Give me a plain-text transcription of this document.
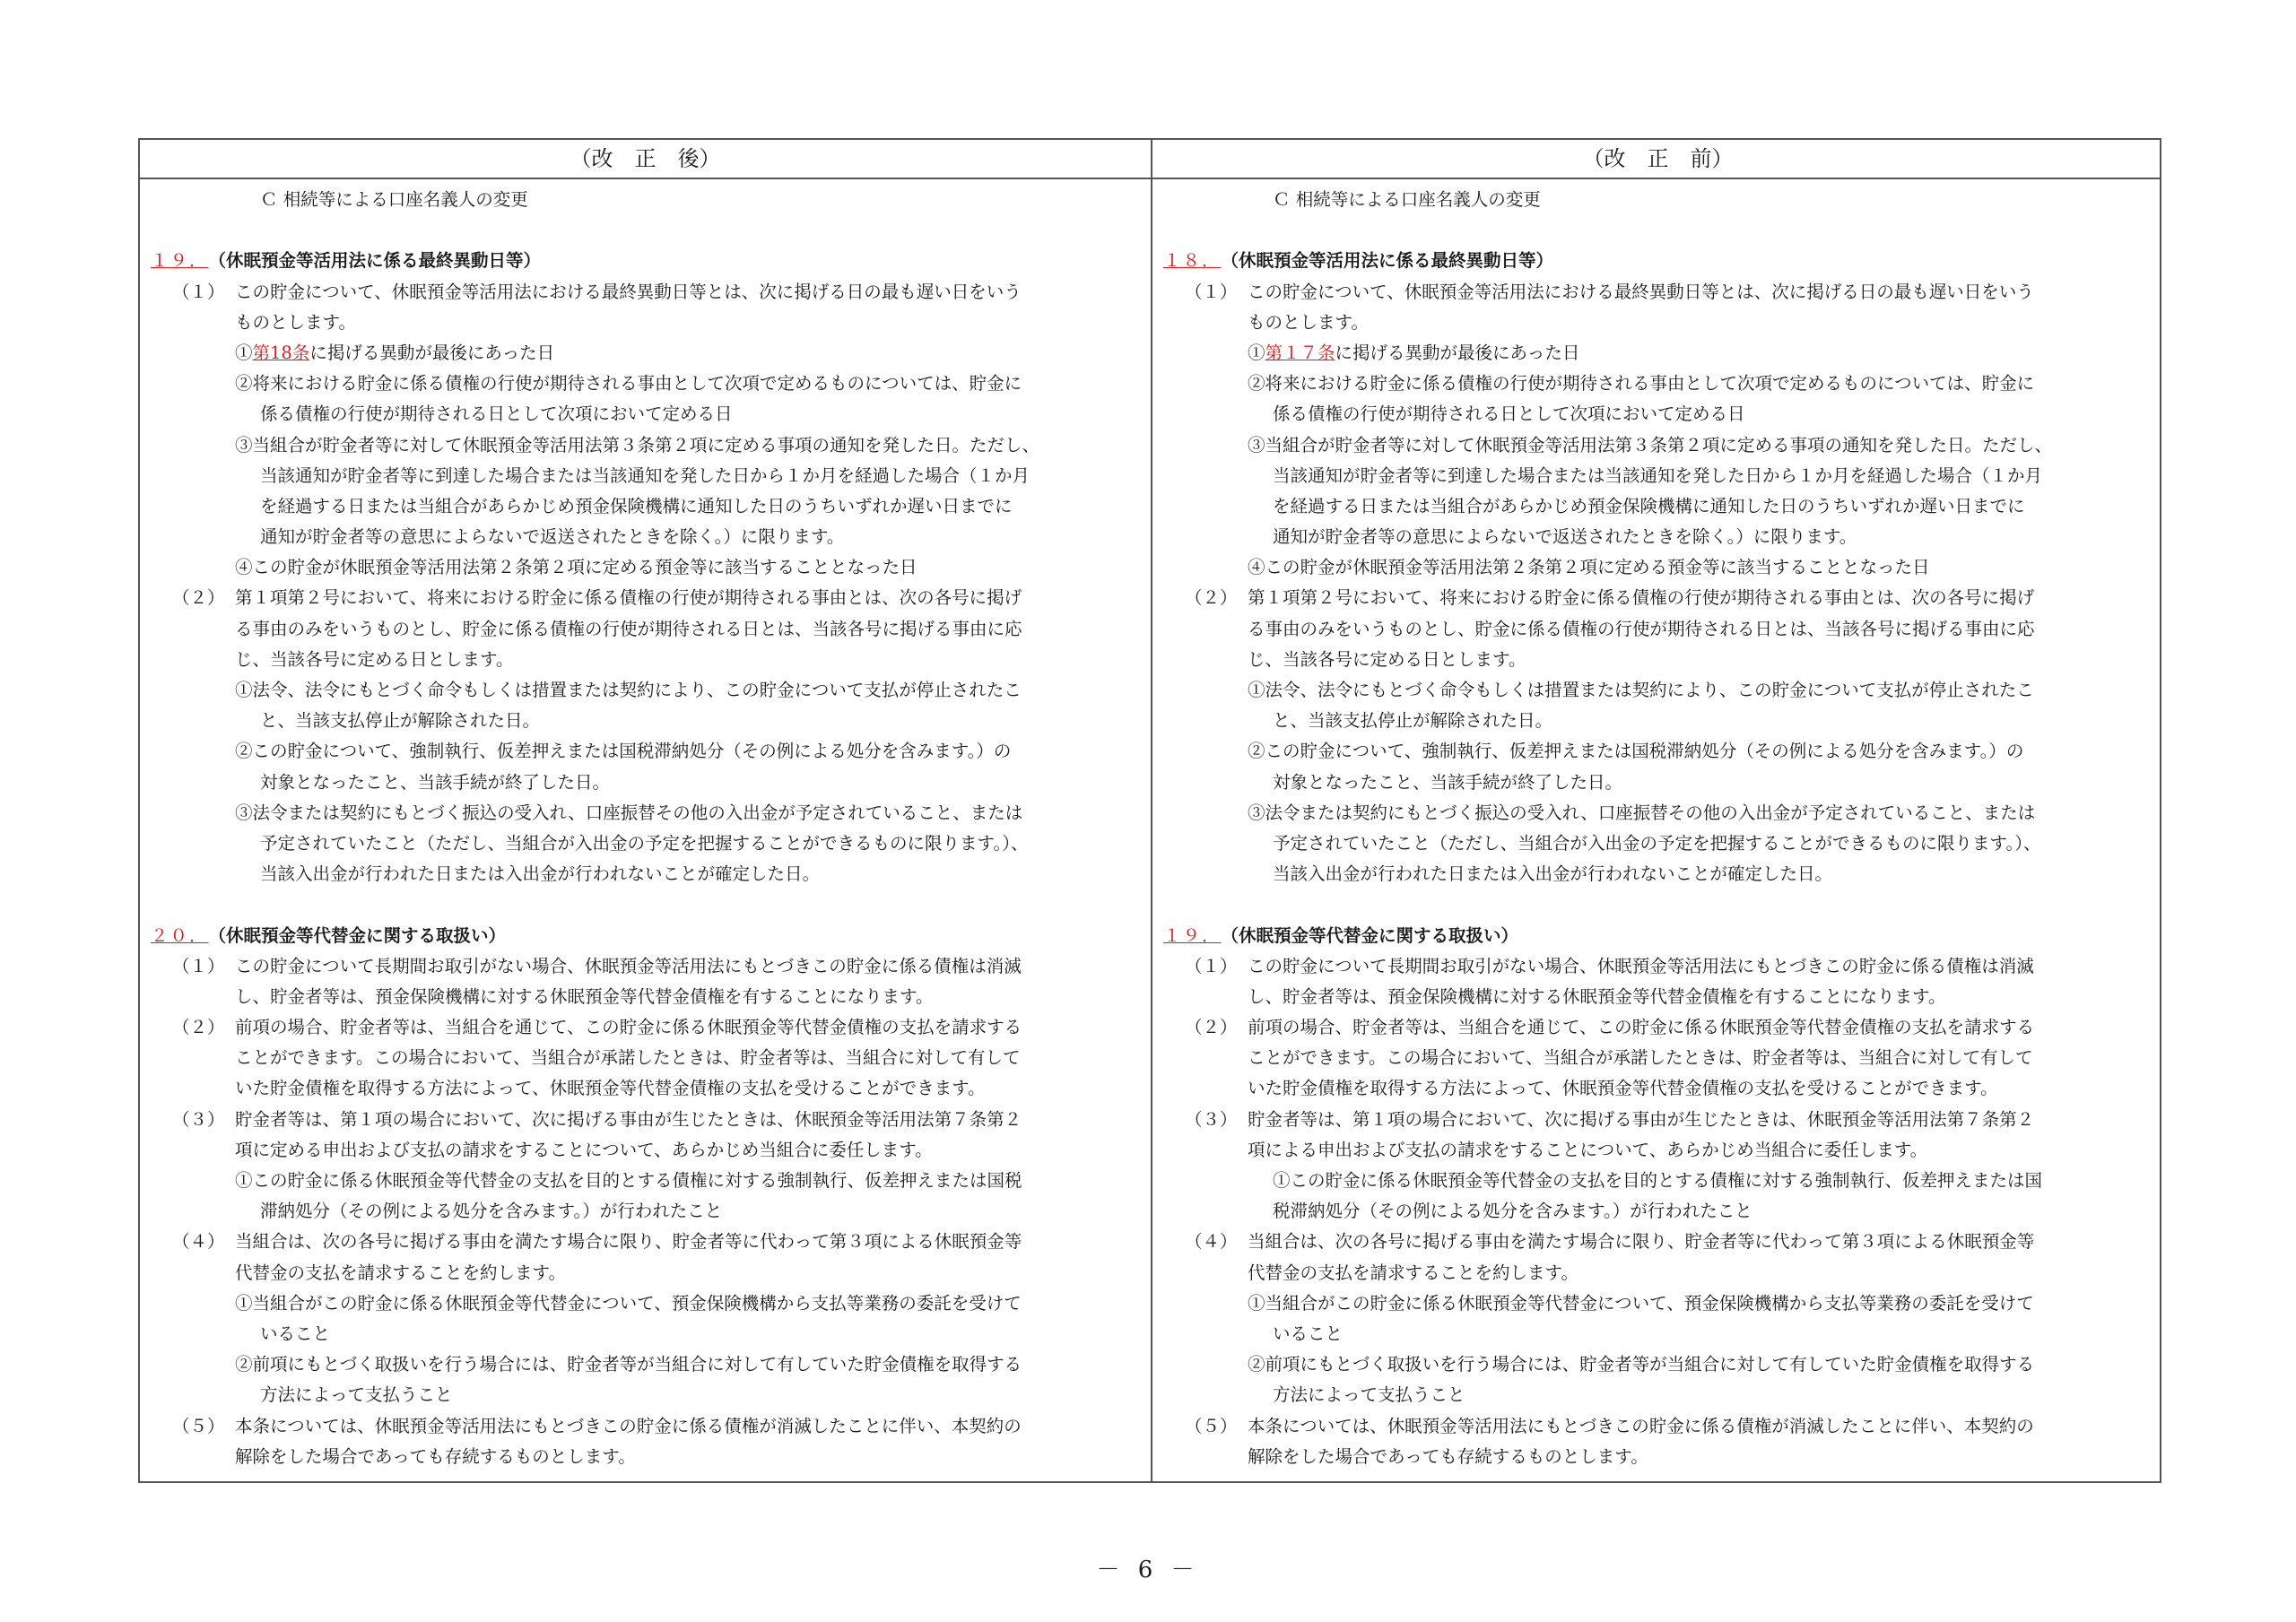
（改　正　後）	（改　正　前）
Ｃ 相続等による口座名義人の変更
１９． （休眠預金等活用法に係る最終異動日等）
（１） この貯金について、休眠預金等活用法における最終異動日等とは、次に掲げる日の最も遅い日をいう
ものとします。
①第18条に掲げる異動が最後にあった日
②将来における貯金に係る債権の行使が期待される事由として次項で定めるものについては、貯金に
係る債権の行使が期待される日として次項において定める日
③当組合が貯金者等に対して休眠預金等活用法第３条第２項に定める事項の通知を発した日。ただし、
当該通知が貯金者等に到達した場合または当該通知を発した日から１か月を経過した場合（１か月
を経過する日または当組合があらかじめ預金保険機構に通知した日のうちいずれか遅い日までに
通知が貯金者等の意思によらないで返送されたときを除く。）に限ります。
④この貯金が休眠預金等活用法第２条第２項に定める預金等に該当することとなった日
（２） 第１項第２号において、将来における貯金に係る債権の行使が期待される事由とは、次の各号に掲げ
る事由のみをいうものとし、貯金に係る債権の行使が期待される日とは、当該各号に掲げる事由に応
じ、当該各号に定める日とします。
①法令、法令にもとづく命令もしくは措置または契約により、この貯金について支払が停止されたこ
と、当該支払停止が解除された日。
②この貯金について、強制執行、仮差押えまたは国税滞納処分（その例による処分を含みます。）の
対象となったこと、当該手続が終了した日。
③法令または契約にもとづく振込の受入れ、口座振替その他の入出金が予定されていること、または
予定されていたこと（ただし、当組合が入出金の予定を把握することができるものに限ります。）、
当該入出金が行われた日または入出金が行われないことが確定した日。
２０． （休眠預金等代替金に関する取扱い）
（１） この貯金について長期間お取引がない場合、休眠預金等活用法にもとづきこの貯金に係る債権は消滅
し、貯金者等は、預金保険機構に対する休眠預金等代替金債権を有することになります。
（２） 前項の場合、貯金者等は、当組合を通じて、この貯金に係る休眠預金等代替金債権の支払を請求する
ことができます。この場合において、当組合が承諾したときは、貯金者等は、当組合に対して有して
いた貯金債権を取得する方法によって、休眠預金等代替金債権の支払を受けることができます。
（３） 貯金者等は、第１項の場合において、次に掲げる事由が生じたときは、休眠預金等活用法第７条第２
項に定める申出および支払の請求をすることについて、あらかじめ当組合に委任します。
①この貯金に係る休眠預金等代替金の支払を目的とする債権に対する強制執行、仮差押えまたは国税
滞納処分（その例による処分を含みます。）が行われたこと
（４） 当組合は、次の各号に掲げる事由を満たす場合に限り、貯金者等に代わって第３項による休眠預金等
代替金の支払を請求することを約します。
①当組合がこの貯金に係る休眠預金等代替金について、預金保険機構から支払等業務の委託を受けて
いること
②前項にもとづく取扱いを行う場合には、貯金者等が当組合に対して有していた貯金債権を取得する
方法によって支払うこと
（５） 本条については、休眠預金等活用法にもとづきこの貯金に係る債権が消滅したことに伴い、本契約の
解除をした場合であっても存続するものとします。
Ｃ 相続等による口座名義人の変更
１８． （休眠預金等活用法に係る最終異動日等）
（１） この貯金について、休眠預金等活用法における最終異動日等とは、次に掲げる日の最も遅い日をいう
ものとします。
①第１７条に掲げる異動が最後にあった日
②将来における貯金に係る債権の行使が期待される事由として次項で定めるものについては、貯金に
係る債権の行使が期待される日として次項において定める日
③当組合が貯金者等に対して休眠預金等活用法第３条第２項に定める事項の通知を発した日。ただし、
当該通知が貯金者等に到達した場合または当該通知を発した日から１か月を経過した場合（１か月
を経過する日または当組合があらかじめ預金保険機構に通知した日のうちいずれか遅い日までに
通知が貯金者等の意思によらないで返送されたときを除く。）に限ります。
④この貯金が休眠預金等活用法第２条第２項に定める預金等に該当することとなった日
（２） 第１項第２号において、将来における貯金に係る債権の行使が期待される事由とは、次の各号に掲げ
る事由のみをいうものとし、貯金に係る債権の行使が期待される日とは、当該各号に掲げる事由に応
じ、当該各号に定める日とします。
①法令、法令にもとづく命令もしくは措置または契約により、この貯金について支払が停止されたこ
と、当該支払停止が解除された日。
②この貯金について、強制執行、仮差押えまたは国税滞納処分（その例による処分を含みます。）の
対象となったこと、当該手続が終了した日。
③法令または契約にもとづく振込の受入れ、口座振替その他の入出金が予定されていること、または
予定されていたこと（ただし、当組合が入出金の予定を把握することができるものに限ります。）、
当該入出金が行われた日または入出金が行われないことが確定した日。
１９． （休眠預金等代替金に関する取扱い）
（１） この貯金について長期間お取引がない場合、休眠預金等活用法にもとづきこの貯金に係る債権は消滅
し、貯金者等は、預金保険機構に対する休眠預金等代替金債権を有することになります。
（２） 前項の場合、貯金者等は、当組合を通じて、この貯金に係る休眠預金等代替金債権の支払を請求する
ことができます。この場合において、当組合が承諾したときは、貯金者等は、当組合に対して有して
いた貯金債権を取得する方法によって、休眠預金等代替金債権の支払を受けることができます。
（３） 貯金者等は、第１項の場合において、次に掲げる事由が生じたときは、休眠預金等活用法第７条第２
項による申出および支払の請求をすることについて、あらかじめ当組合に委任します。
①この貯金に係る休眠預金等代替金の支払を目的とする債権に対する強制執行、仮差押えまたは国
税滞納処分（その例による処分を含みます。）が行われたこと
（４） 当組合は、次の各号に掲げる事由を満たす場合に限り、貯金者等に代わって第３項による休眠預金等
代替金の支払を請求することを約します。
①当組合がこの貯金に係る休眠預金等代替金について、預金保険機構から支払等業務の委託を受けて
いること
②前項にもとづく取扱いを行う場合には、貯金者等が当組合に対して有していた貯金債権を取得する
方法によって支払うこと
（５） 本条については、休眠預金等活用法にもとづきこの貯金に係る債権が消滅したことに伴い、本契約の
解除をした場合であっても存続するものとします。
－ 6 －
